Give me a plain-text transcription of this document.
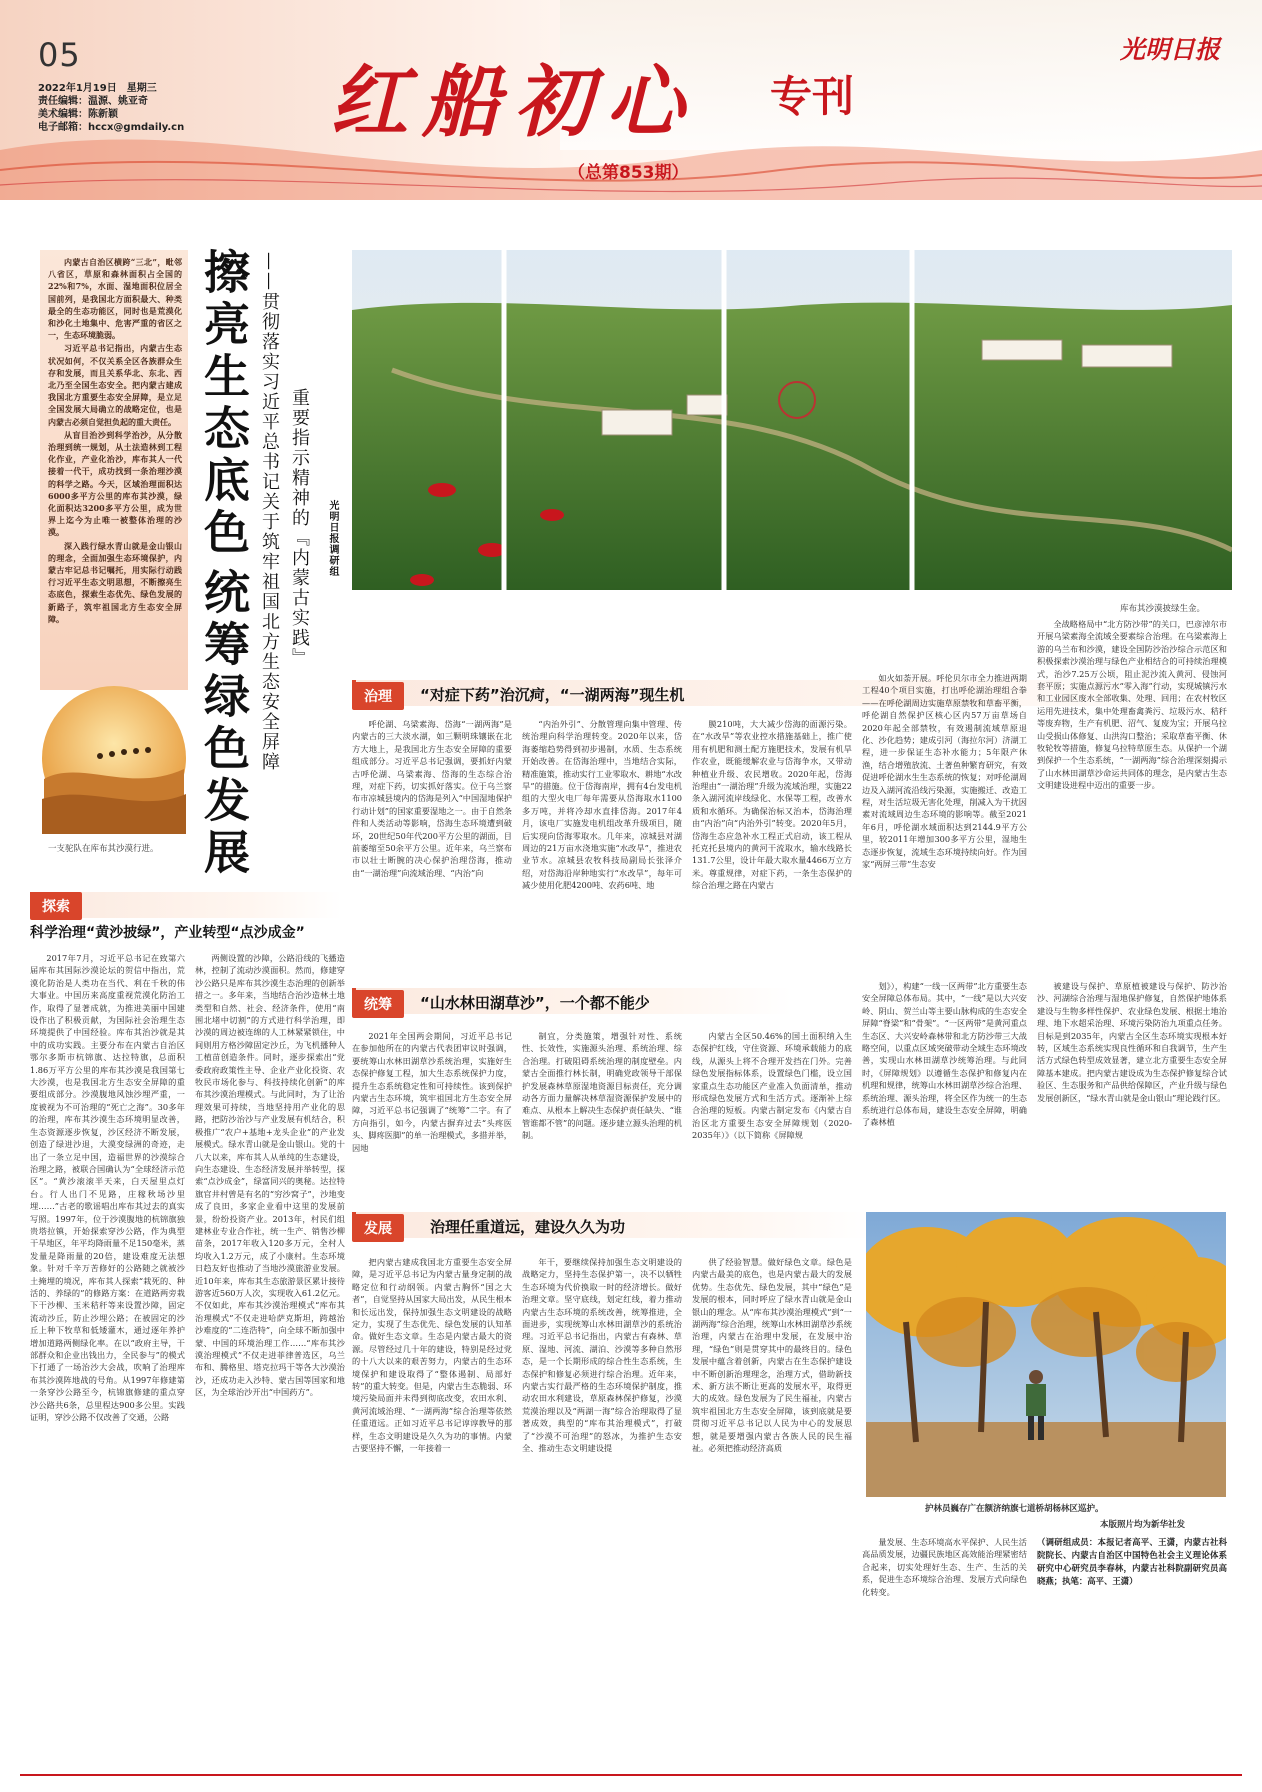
05
2022年1月19日　星期三
责任编辑：温源、姚亚奇
美术编辑：陈新颖
电子邮箱：hccx@gmdaily.cn 红船初心 专刊
（总第853期）
光明日报

内蒙古自治区横跨“三北”，毗邻八省区，草原和森林面积占全国的22%和7%，水面、湿地面积位居全国前列，是我国北方面积最大、种类最全的生态功能区，同时也是荒漠化和沙化土地集中、危害严重的省区之一，生态环境脆弱。

习近平总书记指出，内蒙古生态状况如何，不仅关系全区各族群众生存和发展，而且关系华北、东北、西北乃至全国生态安全。把内蒙古建成我国北方重要生态安全屏障，是立足全国发展大局确立的战略定位，也是内蒙古必须自觉担负起的重大责任。

从盲目治沙到科学治沙，从分散治理到统一规划，从土法造林到工程化作业，产业化治沙，库布其人一代接着一代干，成功找到一条治理沙漠的科学之路。今天，区域治理面积达6000多平方公里的库布其沙漠，绿化面积达3200多平方公里，成为世界上迄今为止唯一被整体治理的沙漠。

深入践行绿水青山就是金山银山的理念，全面加强生态环境保护，内蒙古牢记总书记嘱托，用实际行动践行习近平生态文明思想，不断擦亮生态底色，探索生态优先、绿色发展的新路子，筑牢祖国北方生态安全屏障。

一支驼队在库布其沙漠行进。
擦亮生态底色
统筹绿色发展 ——贯彻落实习近平总书记关于筑牢祖国北方生态安全屏障 重要指示精神的『内蒙古实践』 光明日报调研组
库布其沙漠披绿生金。
治理	“对症下药”治沉疴，“一湖两海”现生机
呼伦湖、乌梁素海、岱海“一湖两海”是内蒙古的三大淡水湖，如三颗明珠镶嵌在北方大地上，是我国北方生态安全屏障的重要组成部分。习近平总书记强调，要抓好内蒙古呼伦湖、乌梁素海、岱海的生态综合治理，对症下药，切实抓好落实。位于乌兰察布市凉城县境内的岱海是列入“中国湿地保护行动计划”的国家重要湿地之一。由于自然条件和人类活动等影响，岱海生态环境遭到破坏，20世纪50年代200平方公里的湖面，目前萎缩至50余平方公里。近年来，乌兰察布市以壮士断腕的决心保护治理岱海，推动由“一湖治理”向流域治理、“内治”向
“内治外引”、分散管理向集中管理、传统治理向科学治理转变。2020年以来，岱海萎缩趋势得到初步遏制，水质、生态系统开始改善。在岱海治理中，当地结合实际，精准施策，推动实行工业零取水、耕地“水改旱”的措施。位于岱海南岸，拥有4台发电机组的大型火电厂每年需要从岱海取水1100多万吨，并将冷却水直排岱海。2017年4月，该电厂实施发电机组改革升级项目，随后实现向岱海零取水。几年来，凉城县对湖周边的21万亩水浇地实施“水改旱”，推进农业节水。凉城县农牧科技局副局长张泽介绍，对岱海沿岸种地实行“水改旱”，每年可减少使用化肥4200吨、农药6吨、地
膜210吨，大大减少岱海的面源污染。在“水改旱”等农业控水措施基础上，推广使用有机肥和测土配方施肥技术，发展有机旱作农业，既能缓解农业与岱海争水，又带动种植业升级、农民增收。2020年起，岱海治理由“一湖治理”升级为流域治理，实施22条入湖河流岸线绿化、水保等工程，改善水质和水循环。为确保治标又治本，岱海治理由“内治”向“内治外引”转变。2020年5月，岱海生态应急补水工程正式启动，该工程从托克托县境内的黄河干流取水，输水线路长131.7公里，设计年最大取水量4466万立方米。尊重规律，对症下药，一条生态保护的综合治理之路在内蒙古
如火如荼开展。呼伦贝尔市全力推进两期工程40个项目实施，打出呼伦湖治理组合拳——在呼伦湖周边实施草原禁牧和草畜平衡，呼伦湖自然保护区核心区内57万亩草场自2020年起全部禁牧，有效遏制流域草原退化、沙化趋势；建成引河（海拉尔河）济湖工程，进一步保证生态补水能力；5年限产休渔，结合增殖放流、土著鱼种繁育研究，有效促进呼伦湖水生生态系统的恢复；对呼伦湖周边及入湖河流沿线污染源，实施搬迁、改造工程，对生活垃圾无害化处理，削减入为干扰因素对流域周边生态环境的影响等。截至2021年6月，呼伦湖水域面积达到2144.9平方公里，较2011年增加300多平方公里，湿地生态逐步恢复，流域生态环境持续向好。作为国家“两屏三带”生态安
全战略格局中“北方防沙带”的关口，巴彦淖尔市开展乌梁素海全流域全要素综合治理。在乌梁素海上游的乌兰布和沙漠，建设全国防沙治沙综合示范区和积极探索沙漠治理与绿色产业相结合的可持续治理模式，治沙7.25万公顷，阻止泥沙流入黄河、侵蚀河套平原；实施点源污水“零入海”行动，实现城镇污水和工业园区废水全部收集、处理、回用；在农村牧区运用先进技术，集中处理畜禽粪污、垃圾污水、秸秆等废弃物，生产有机肥、沼气、复废为宝；开展乌拉山受损山体修复、山洪沟口整治；采取草畜平衡、休牧轮牧等措施，修复乌拉特草原生态。从保护一个湖到保护一个生态系统，“一湖两海”综合治理深刻揭示了山水林田湖草沙命运共同体的理念，是内蒙古生态文明建设进程中迈出的重要一步。
探索
科学治理“黄沙披绿”，产业转型“点沙成金”
2017年7月，习近平总书记在致第六届库布其国际沙漠论坛的贺信中指出，荒漠化防治是人类功在当代、利在千秋的伟大事业。中国历来高度重视荒漠化防治工作，取得了显著成就，为推进美丽中国建设作出了积极贡献，为国际社会治理生态环境提供了中国经验。库布其治沙就是其中的成功实践。主要分布在内蒙古自治区鄂尔多斯市杭锦旗、达拉特旗，总面积1.86万平方公里的库布其沙漠是我国第七大沙漠，也是我国北方生态安全屏障的重要组成部分。沙漠腹地风蚀沙埋严重，一度被视为不可治理的“死亡之海”。30多年的治理，库布其沙漠生态环境明显改善，生态资源逐步恢复，沙区经济不断发展，创造了绿进沙退，大漠变绿洲的奇迹，走出了一条立足中国，造福世界的沙漠综合治理之路，被联合国确认为“全球经济示范区”。“黄沙滚滚半天来，白天屋里点灯台。行人出门不见路，庄稼秋场沙里埋……”古老的歌谣唱出库布其过去的真实写照。1997年，位于沙漠腹地的杭锦旗独贵塔拉镇，开始探索穿沙公路，作为典型干旱地区，年平均降雨量不足150毫米，蒸发量是降雨量的20倍，建设难度无法想象。针对千辛万苦修好的公路随之就被沙土掩埋的境况，库布其人探索“栽死的、种活的、养绿的”的修路方案：在道路两旁栽下干沙柳、玉米秸秆等来设置沙障，固定流动沙丘，防止沙埋公路；在被固定的沙丘上种下牧草和低矮灌木，通过逐年养护增加道路两侧绿化率。在以“政府主导，干部群众和企业出钱出力，全民参与”的模式下打通了一场治沙大会战，吹响了治理库布其沙漠阵地战的号角。从1997年修建第一条穿沙公路至今，杭锦旗修建的重点穿沙公路共6条，总里程达900多公里。实践证明，穿沙公路不仅改善了交通，公路
两侧设置的沙障，公路沿线的飞播造林，控制了流动沙漠面积。然而，修建穿沙公路只是库布其沙漠生态治理的创新举措之一。多年来，当地结合治沙造林土地类型和自然、社会、经济条件，使用“南围北堵中切割”的方式进行科学治理，即沙漠的周边被连绵的人工林紧紧锁住，中间则用方格沙障固定沙丘，为飞机播种人工植苗创造条件。同时，逐步探索出“党委政府政策性主导、企业产业化投资、农牧民市场化参与、科技持续化创新”的库布其沙漠治理模式。与此同时，为了让治理效果可持续，当地坚持用产业化的思路，把防沙治沙与产业发展有机结合，积极推广“农户+基地+龙头企业”的产业发展模式。绿水青山就是金山银山。党的十八大以来，库布其人从单纯的生态建设，向生态建设、生态经济发展并举转型，探索“点沙成金”，绿富同兴的奥秘。达拉特旗官井村曾是有名的“穷沙窝子”，沙地变成了良田，多家企业看中这里的发展前景，纷纷投资产业。2013年，村民们组建林业专业合作社，统一生产、销售沙柳苗条，2017年收入120多万元，全村人均收入1.2万元，成了小康村。生态环境日趋友好也推动了当地沙漠旅游业发展。近10年来，库布其生态旅游景区累计接待游客近560万人次，实现收入61.2亿元。不仅如此，库布其沙漠治理模式“库布其治理模式”不仅走进哈萨克斯坦，跨越治沙难度的“二连浩特”，向全球不断加强中蒙、中国的环境治理工作……“库布其沙漠治理模式”不仅走进菲律普选区，乌兰布和、腾格里、塔克拉玛干等各大沙漠治沙，还成功走入沙特、蒙古国等国家和地区，为全球治沙开出“中国药方”。
统筹	“山水林田湖草沙”，一个都不能少
2021年全国两会期间，习近平总书记在参加他所在的内蒙古代表团审议时强调，要统筹山水林田湖草沙系统治理，实施好生态保护修复工程，加大生态系统保护力度，提升生态系统稳定性和可持续性。该到保护内蒙古生态环境，筑牢祖国北方生态安全屏障，习近平总书记强调了“统筹”二字。有了方向指引，如今，内蒙古摒弃过去“头疼医头、脚疼医脚”的单一治理模式，多措并举，因地
制宜，分类施策，增强针对性、系统性、长效性，实施源头治理、系统治理、综合治理。打破阻碍系统治理的制度壁垒。内蒙古全面推行林长制，明确党政领导干部保护发展森林草原湿地资源目标责任，充分调动各方面力量解决林草湿资源保护发展中的难点、从根本上解决生态保护责任缺失、“谁管谁都不管”的问题。逐步建立源头治理的机制。
内蒙古全区50.46%的国土面积纳入生态保护红线，守住资源、环境承载能力的底线，从源头上将不合理开发挡在门外。完善绿色发展指标体系，设置绿色门槛，设立国家重点生态功能区产业准入负面清单，推动形成绿色发展方式和生活方式。逐渐补上综合治理的短板。内蒙古制定发布《内蒙古自治区北方重要生态安全屏障规划（2020-2035年）》（以下简称《屏障规
划》），构建“一线一区两带”北方重要生态安全屏障总体布局。其中，“一线”是以大兴安岭、阴山、贺兰山等主要山脉构成的生态安全屏障“脊梁”和“骨架”。“一区两带”是黄河重点生态区、大兴安岭森林带和北方防沙带三大战略空间，以重点区域突破带动全域生态环境改善，实现山水林田湖草沙统筹治理。与此同时，《屏障规划》以遵循生态保护和修复内在机理和规律，统筹山水林田湖草沙综合治理、系统治理、源头治理，将全区作为统一的生态系统进行总体布局，建设生态安全屏障，明确了森林植
被建设与保护、草原植被建设与保护、防沙治沙、河湖综合治理与湿地保护修复，自然保护地体系建设与生物多样性保护、农业绿色发展、根据土地治理、地下水超采治理、环境污染防治九项重点任务。目标是到2035年，内蒙古全区生态环境实现根本好转，区域生态系统实现良性循环和自我调节，生产生活方式绿色转型成效显著，建立北方重要生态安全屏障基本建成。把内蒙古建设成为生态保护修复综合试验区、生态服务和产品供给保障区，产业升级与绿色发展创新区，“绿水青山就是金山银山”理论践行区。
发展	治理任重道远，建设久久为功
把内蒙古建成我国北方重要生态安全屏障，是习近平总书记为内蒙古量身定制的战略定位和行动纲领。内蒙古胸怀“国之大者”，自觉坚持从国家大局出发，从民生根本和长远出发，保持加强生态文明建设的战略定力，实现了生态优先、绿色发展的认知革命。做好生态文章。生态是内蒙古最大的资源。尽管经过几十年的建设，特别是经过党的十八大以来的艰苦努力，内蒙古的生态环境保护和建设取得了“整体遏制、局部好转”的重大转变。但是，内蒙古生态脆弱、环境污染局面并未得到彻底改变，农田水利、黄河流域治理、“一湖两海”综合治理等依然任重道远。正如习近平总书记谆谆教导的那样，生态文明建设是久久为功的事情。内蒙古要坚持不懈，一年接着一
年干，要继续保持加强生态文明建设的战略定力，坚持生态保护第一，决不以牺牲生态环境为代价换取一时的经济增长。做好治理文章。坚守底线，划定红线，着力推动内蒙古生态环境的系统改善，统筹推进，全面进步，实现统筹山水林田湖草沙的系统治理。习近平总书记指出，内蒙古有森林、草原、湿地、河流、湖泊、沙漠等多种自然形态，是一个长期形成的综合性生态系统，生态保护和修复必须进行综合治理。近年来，内蒙古实行最严格的生态环境保护制度，推动农田水利建设，草原森林保护修复，沙漠荒漠治理以及“两湖一海”综合治理取得了显著成效，典型的“库布其治理模式”，打破了“沙漠不可治理”的怒冰，为推护生态安全、推动生态文明建设提
供了经验智慧。做好绿色文章。绿色是内蒙古最美的底色，也是内蒙古最大的发展优势。生态优先、绿色发展，其中“绿色”是发展的根本，同时呼应了绿水青山就是金山银山的理念。从“库布其沙漠治理模式”到“一湖两海”综合治理，统筹山水林田湖草沙系统治理，内蒙古在治理中发展，在发展中治理，“绿色”则是贯穿其中的最终目的。绿色发展中蕴含着创新，内蒙古在生态保护建设中不断创新治理理念，治理方式，借助新技术、新方法不断让更高的发展水平，取得更大的成效。绿色发展为了民生福祉，内蒙古筑牢祖国北方生态安全屏障，该到底就是要贯彻习近平总书记以人民为中心的发展思想，就是要增强内蒙古各族人民的民生福祉。必须把推动经济高质
护林员巍存广在额济纳旗七道桥胡杨林区巡护。
本版照片均为新华社发
量发展、生态环境高水平保护、人民生活高品质发展，边疆民族地区高效能治理紧密结合起来，切实处理好生态、生产、生活的关系，促进生态环境综合治理、发展方式向绿色化转变。
（调研组成员：本报记者高平、王潇，内蒙古社科院院长、内蒙古自治区中国特色社会主义理论体系研究中心研究员李春林，内蒙古社科院副研究员高晓燕；执笔：高平、王潇）
